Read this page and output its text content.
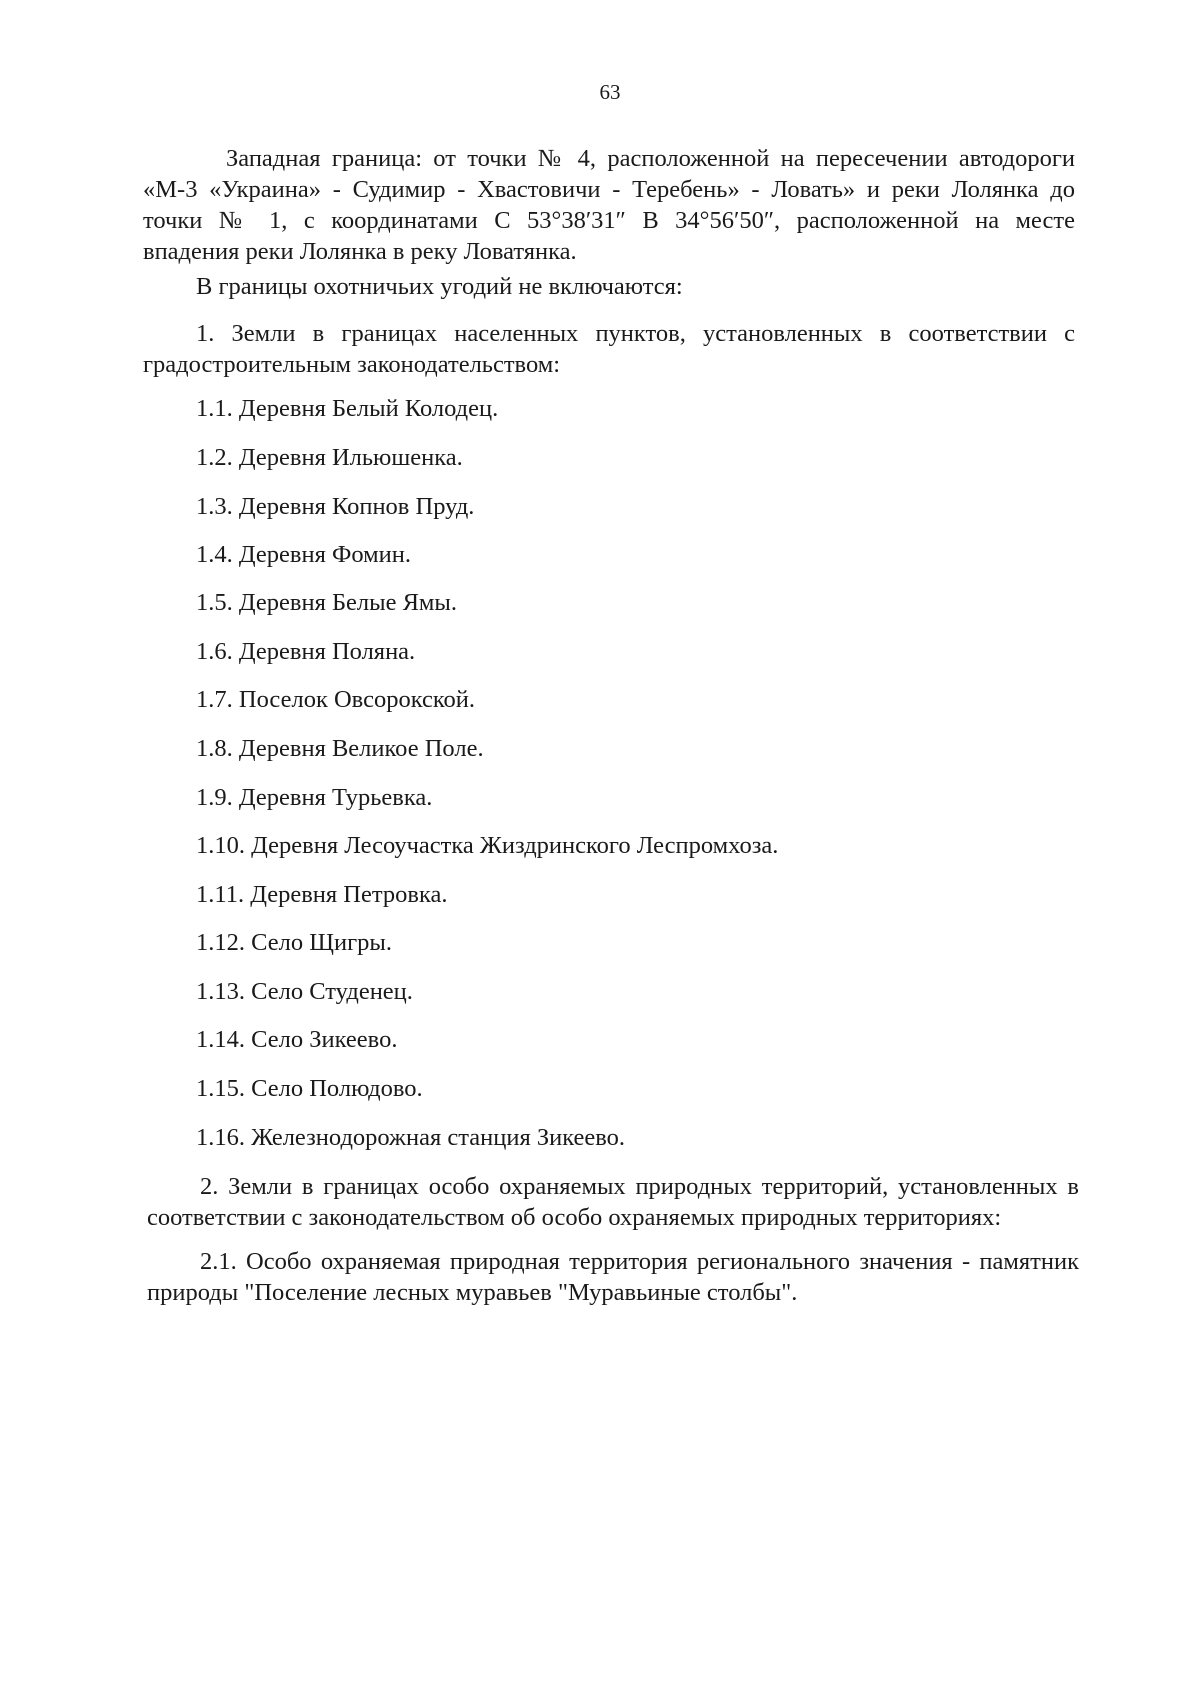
63
Западная граница: от точки № 4, расположенной на пересечении автодороги
«М-3 «Украина» - Судимир - Хвастовичи - Теребень» - Ловать» и реки Лолянка до
точки № 1, с координатами С 53°38′31″ В 34°56′50″, расположенной на месте
впадения реки Лолянка в реку Ловатянка.
В границы охотничьих угодий не включаются:
1. Земли в границах населенных пунктов, установленных в соответствии с
градостроительным законодательством:
1.1. Деревня Белый Колодец.
1.2. Деревня Ильюшенка.
1.3. Деревня Копнов Пруд.
1.4. Деревня Фомин.
1.5. Деревня Белые Ямы.
1.6. Деревня Поляна.
1.7. Поселок Овсорокской.
1.8. Деревня Великое Поле.
1.9. Деревня Турьевка.
1.10. Деревня Лесоучастка Жиздринского Леспромхоза.
1.11. Деревня Петровка.
1.12. Село Щигры.
1.13. Село Студенец.
1.14. Село Зикеево.
1.15. Село Полюдово.
1.16. Железнодорожная станция Зикеево.
2. Земли в границах особо охраняемых природных территорий, установленных в
соответствии с законодательством об особо охраняемых природных территориях:
2.1. Особо охраняемая природная территория регионального значения - памятник
природы "Поселение лесных муравьев "Муравьиные столбы".
